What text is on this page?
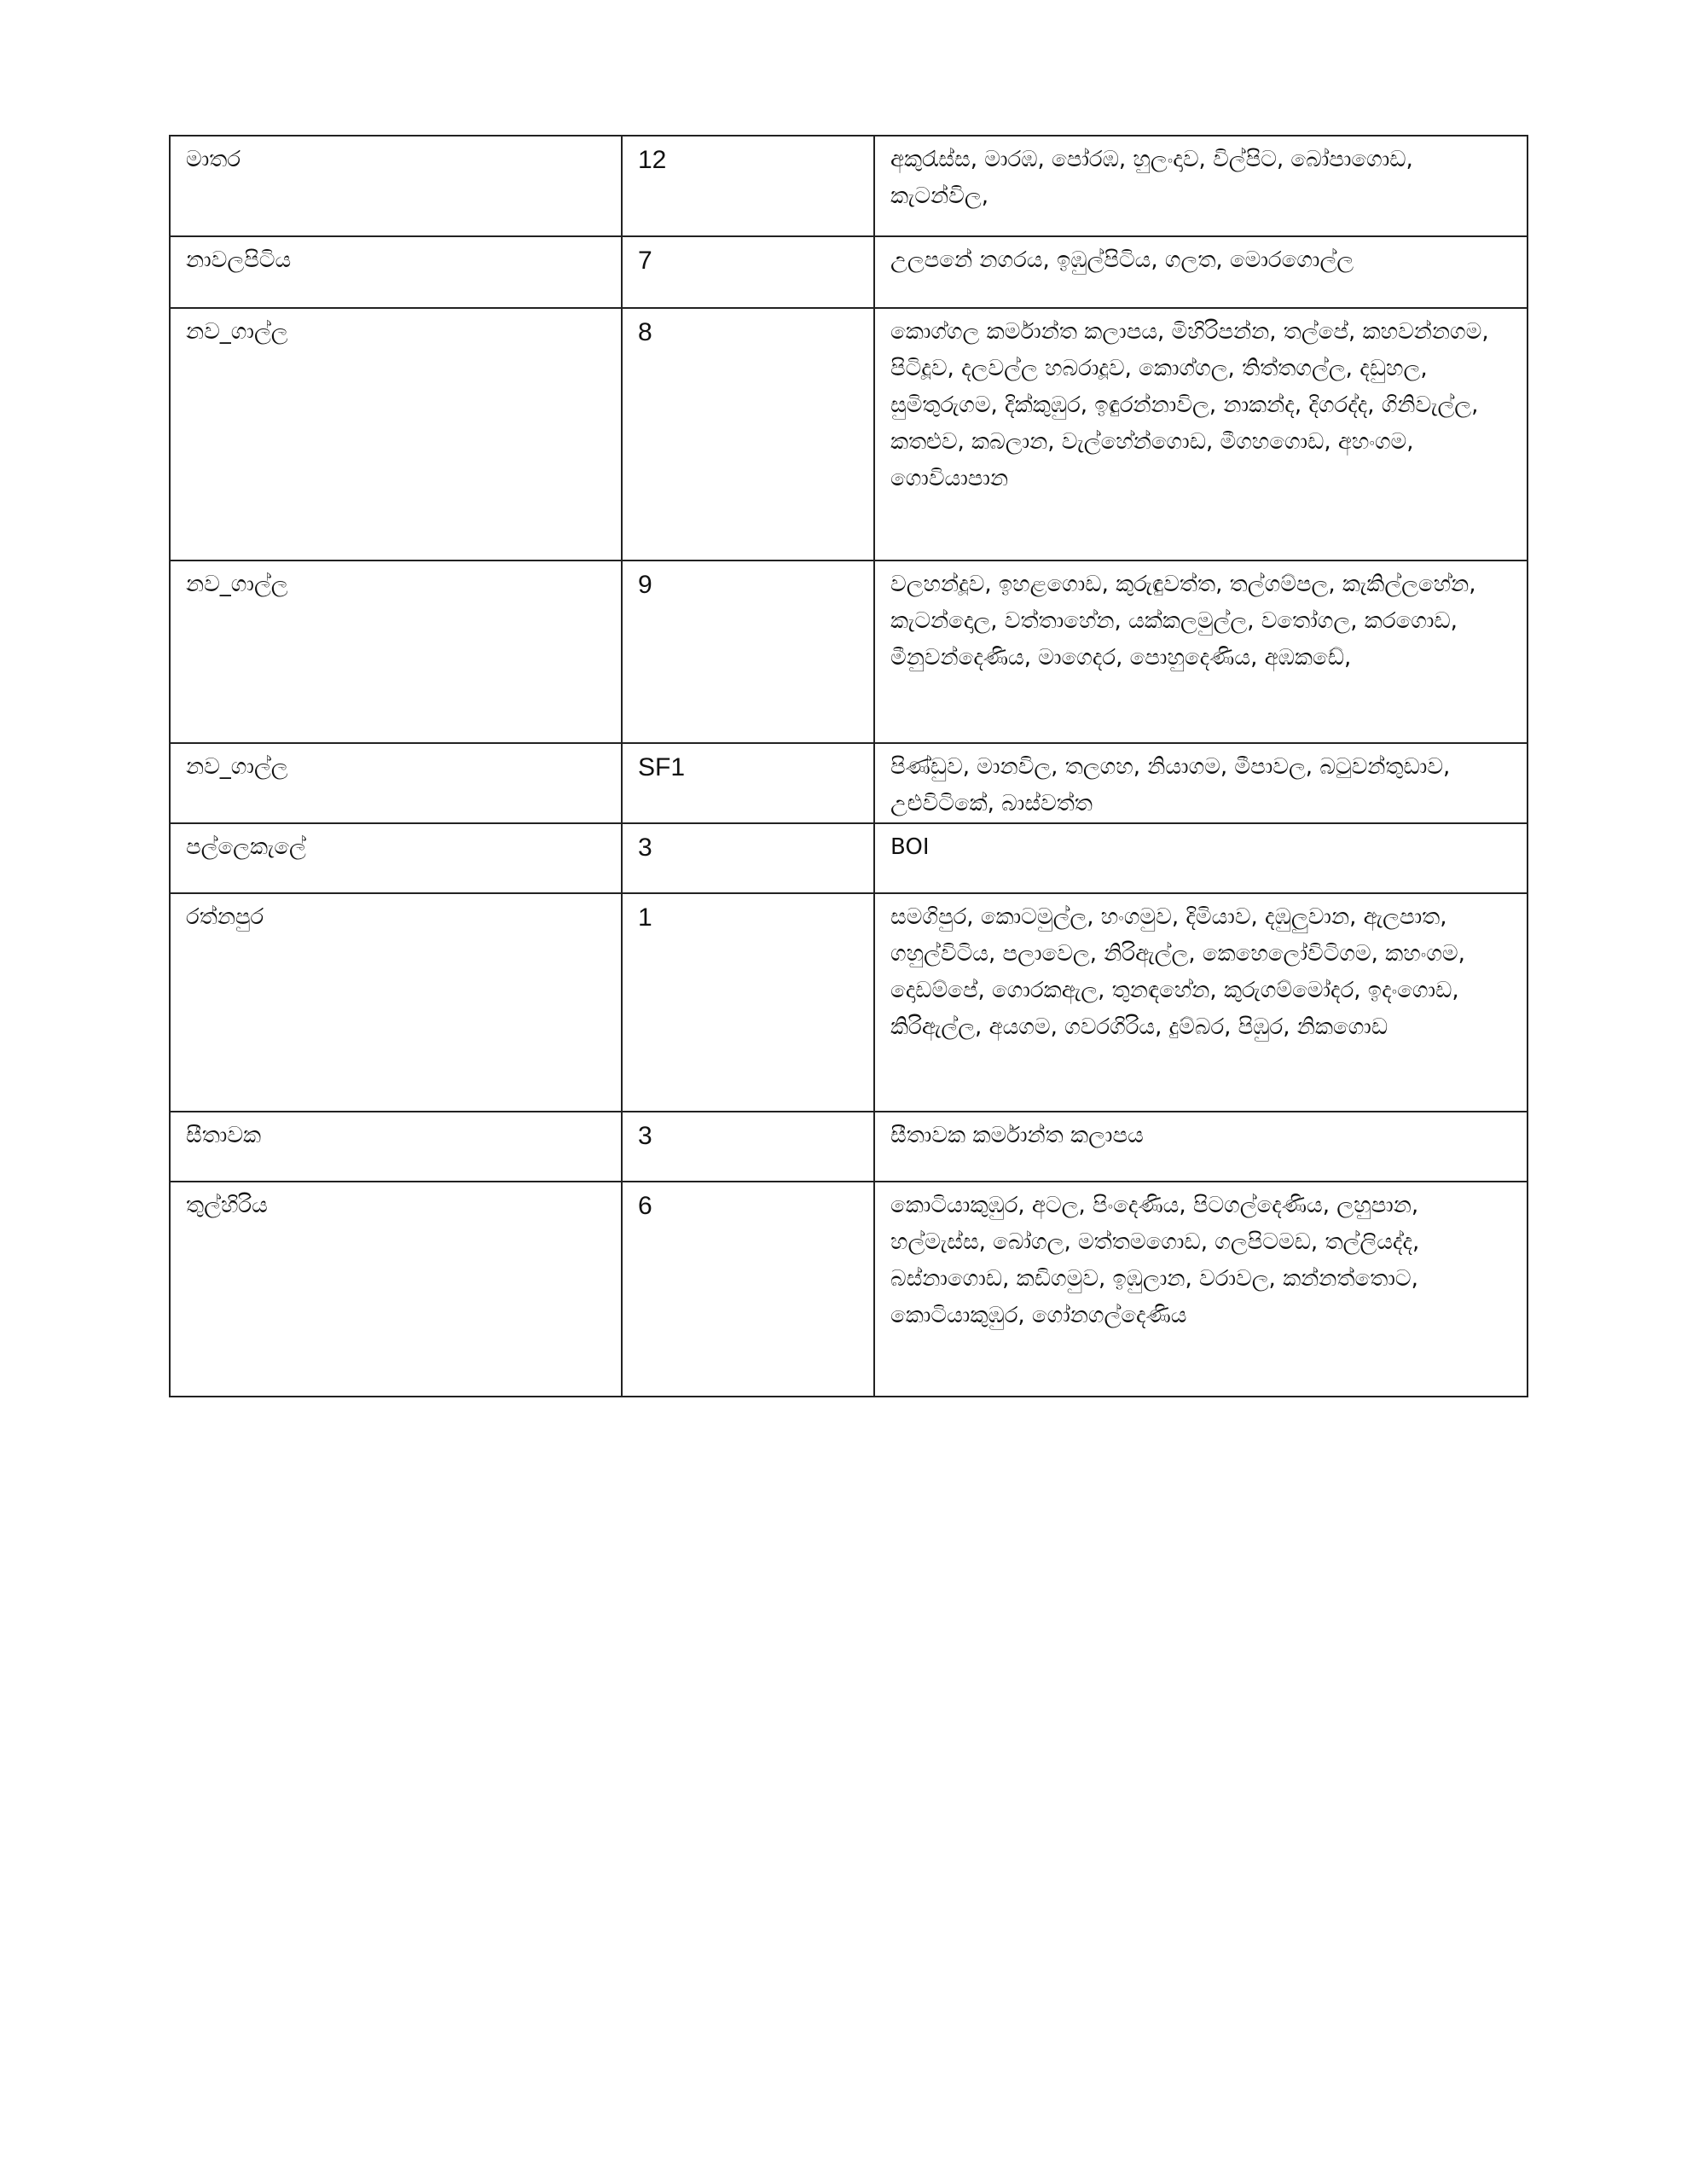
මාතර	12	අකුරැස්ස, මාරඹ, පෝරඹ, හුලංදාව, විල්පිට, බෝපාගොඩ, කැටන්විල,
නාවලපිටිය	7	උලපනේ නගරය, ඉඹුල්පිටිය, ගලත, මොරගොල්ල
නව_ගාල්ල	8	කොග්ගල කර්මාන්ත කලාපය, මිහිරිපන්න, තල්පේ, කහවන්නගම, පිටිදූව, දලවල්ල හබරාදූව, කොග්ගල, තිත්තගල්ල, දඩුහල, සුමිතුරුගම, දික්කුඹුර, ඉඳුරන්නාවිල, නාකන්ද, දිගරද්ද, ගිනිවැල්ල, කතළුව, කබලාන, වැල්හේන්ගොඩ, මීගහගොඩ, අහංගම, ගොවියාපාන
නව_ගාල්ල	9	වලහන්දූව, ඉහළගොඩ, කුරුඳුවත්ත, තල්ගම්පල, කැකිල්ලහේන, කැටන්දොල, වත්තාහේන, යක්කලමුල්ල, වතෝගල, කරගොඩ, මීනුවන්දෙණිය, මාගෙදර, පොහුදෙණිය, අඹකඩේ,
නව_ගාල්ල	SF1	පිණ්ඩුව, මානවිල, තලගහ, නියාගම, මීපාවල, බටුවන්තුඩාව, උළුවිටිකේ, බාස්වත්ත
පල්ලෙකැලේ	3	BOI
රත්නපුර	1	සමගිපුර, කොටමුල්ල, හංගමුව, දිමියාව, දඹුලුවාන, ඇලපාත, ගහුල්විටිය, පලාවෙල, නිරිඇල්ල, කෙහෙලෝවිටිගම, කහංගම, දොඩම්පේ, ගොරකඇල, තුනඳහේන, කුරුගම්මෝදර, ඉදංගොඩ, කිරිඇල්ල, අයගම, ගවරගිරිය, දුම්බර, පිඹුර, නිකගොඩ
සීතාවක	3	සීතාවක කර්මාන්ත කලාපය
තුල්හිරිය	6	කොටියාකුඹුර, අටල, පිංදෙණිය, පිටගල්දෙණිය, ලහුපාන, හල්මැස්ස, බෝගල, මත්තමගොඩ, ගලපිටමඩ, තල්ලියද්ද, බස්නාගොඩ, කඩිගමුව, ඉඹුලාන, වරාවල, කන්නත්තොට, කොටියාකුඹුර, ගෝනගල්දෙණිය
